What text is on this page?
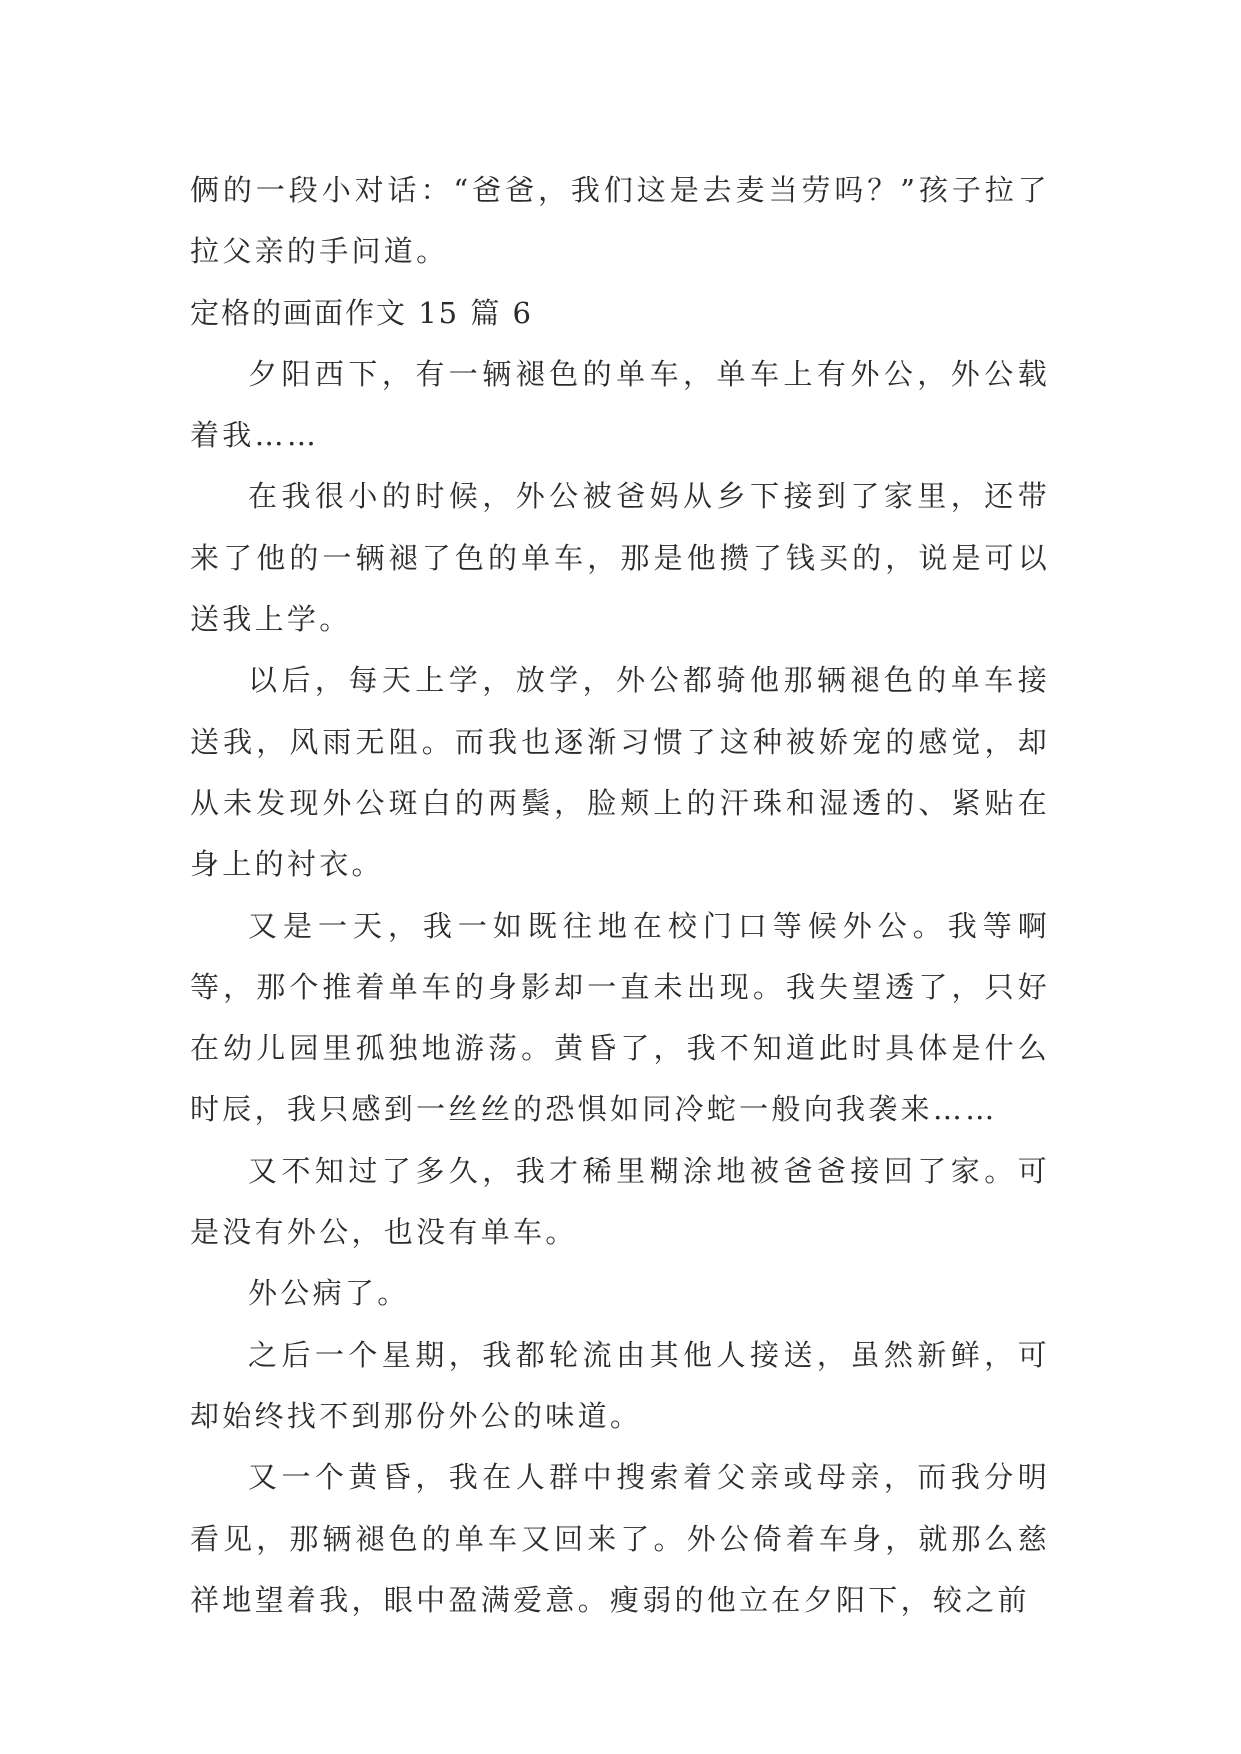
俩的一段小对话：“爸爸，我们这是去麦当劳吗？”孩子拉了拉父亲的手问道。

定格的画面作文 15 篇 6

夕阳西下，有一辆褪色的单车，单车上有外公，外公载着我……

在我很小的时候，外公被爸妈从乡下接到了家里，还带来了他的一辆褪了色的单车，那是他攒了钱买的，说是可以送我上学。

以后，每天上学，放学，外公都骑他那辆褪色的单车接送我，风雨无阻。而我也逐渐习惯了这种被娇宠的感觉，却从未发现外公斑白的两鬓，脸颊上的汗珠和湿透的、紧贴在身上的衬衣。

又是一天，我一如既往地在校门口等候外公。我等啊等，那个推着单车的身影却一直未出现。我失望透了，只好在幼儿园里孤独地游荡。黄昏了，我不知道此时具体是什么时辰，我只感到一丝丝的恐惧如同冷蛇一般向我袭来……

又不知过了多久，我才稀里糊涂地被爸爸接回了家。可是没有外公，也没有单车。

外公病了。

之后一个星期，我都轮流由其他人接送，虽然新鲜，可却始终找不到那份外公的味道。

又一个黄昏，我在人群中搜索着父亲或母亲，而我分明看见，那辆褪色的单车又回来了。外公倚着车身，就那么慈祥地望着我，眼中盈满爱意。瘦弱的他立在夕阳下，较之前
